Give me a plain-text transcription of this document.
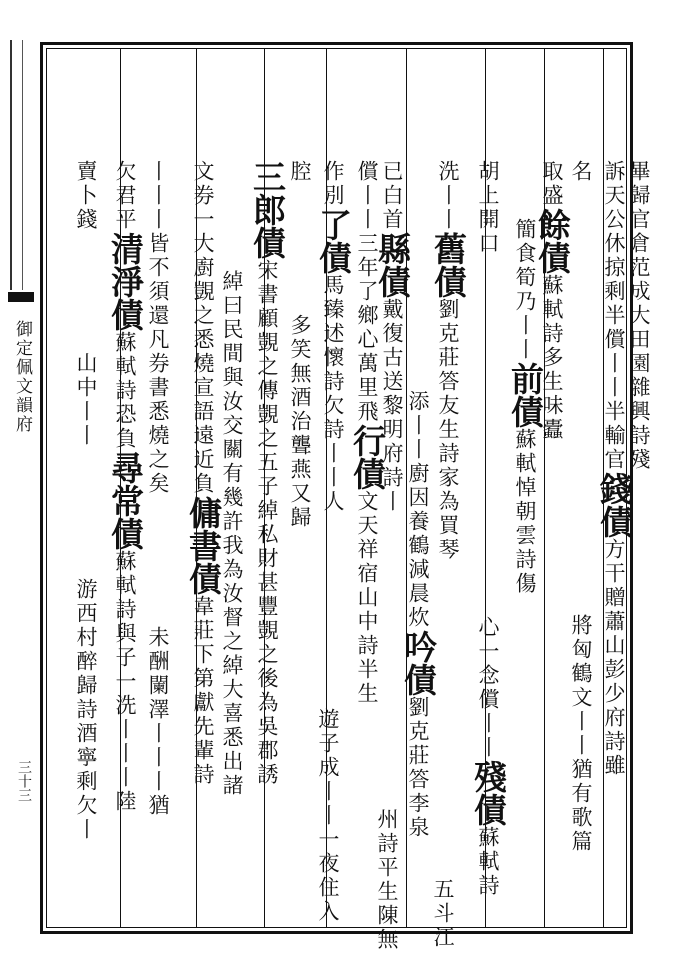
御定佩文韻府
三十三

畢歸官倉范成大田園雜興詩殘

訴天公休掠剩半償丨丨半輸官錢債方干贈蕭山彭少府詩雖

名將匈鶴文丨丨猶有歌篇

取盛餘債蘇軾詩多生味蠹

簡食筍乃丨丨前債蘇軾悼朝雲詩傷

胡上開口心一念償丨丨殘債蘇軾詩

洗丨丨舊債劉克莊答友生詩家為買琴

五斗江

添丨丨廚因養鶴減晨炊吟債劉克莊答李泉

已白首縣債戴復古送黎明府詩丨

州詩平生陳無

償丨丨三年了鄉心萬里飛行債文天祥宿山中詩半生

作別了債馬臻述懷詩欠詩丨丨人

遊子成丨丨一夜住入

腔多笑無酒治聾燕又歸

三郎債宋書顧覬之傳覬之五子綽私財甚豐覬之後為吳郡誘

綽曰民間與汝交關有幾許我為汝督之綽大喜悉出諸

文券一大廚覬之悉燒宣語遠近負傭書債韋莊下第獻先輩詩

丨丨丨皆不須還凡券書悉燒之矣未酬闌澤丨丨丨猶

欠君平清淨債蘇軾詩恐負尋常債蘇軾詩與子一洗丨丨丨陸

賣卜錢山中丨丨游西村醉歸詩酒寧剩欠丨
